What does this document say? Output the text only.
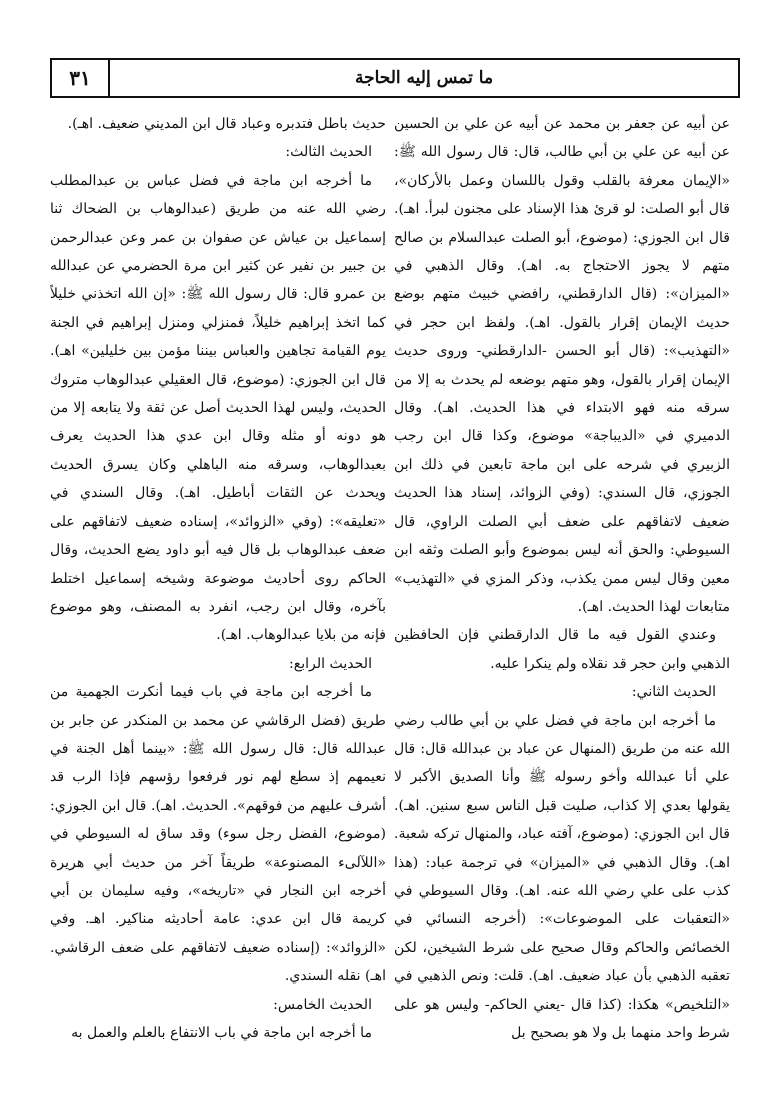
٣١	ما تمس إليه الحاجة

عن أبيه عن جعفر بن محمد عن أبيه عن علي بن الحسين عن أبيه عن علي بن أبي طالب، قال: قال رسول الله ﷺ: «الإيمان معرفة بالقلب وقول باللسان وعمل بالأركان»، قال أبو الصلت: لو قرئ هذا الإسناد على مجنون لبرأ. اهـ). قال ابن الجوزي: (موضوع، أبو الصلت عبدالسلام بن صالح متهم لا يجوز الاحتجاج به. اهـ). وقال الذهبي في «الميزان»: (قال الدارقطني، رافضي خبيث متهم بوضع حديث الإيمان إقرار بالقول. اهـ). ولفظ ابن حجر في «التهذيب»: (قال أبو الحسن -الدارقطني- وروى حديث الإيمان إقرار بالقول، وهو متهم بوضعه لم يحدث به إلا من سرقه منه فهو الابتداء في هذا الحديث. اهـ). وقال الدميري في «الديباجة» موضوع، وكذا قال ابن رجب الزبيري في شرحه على ابن ماجة تابعين في ذلك ابن الجوزي، قال السندي: (وفي الزوائد، إسناد هذا الحديث ضعيف لاتفاقهم على ضعف أبي الصلت الراوي، قال السيوطي: والحق أنه ليس بموضوع وأبو الصلت وثقه ابن معين وقال ليس ممن يكذب، وذكر المزي في «التهذيب» متابعات لهذا الحديث. اهـ).

وعندي القول فيه ما قال الدارقطني فإن الحافظين الذهبي وابن حجر قد نقلاه ولم ينكرا عليه.

الحديث الثاني:

ما أخرجه ابن ماجة في فضل علي بن أبي طالب رضي الله عنه من طريق (المنهال عن عباد بن عبدالله قال: قال علي أنا عبدالله وأخو رسوله ﷺ وأنا الصديق الأكبر لا يقولها بعدي إلا كذاب، صليت قبل الناس سبع سنين. اهـ). قال ابن الجوزي: (موضوع، آفته عباد، والمنهال تركه شعبة. اهـ). وقال الذهبي في «الميزان» في ترجمة عباد: (هذا كذب على علي رضي الله عنه. اهـ). وقال السيوطي في «التعقبات على الموضوعات»: (أخرجه النسائي في الخصائص والحاكم وقال صحيح على شرط الشيخين، لكن تعقبه الذهبي بأن عباد ضعيف. اهـ). قلت: ونص الذهبي في «التلخيص» هكذا: (كذا قال -يعني الحاكم- وليس هو على شرط واحد منهما بل ولا هو بصحيح بل

حديث باطل فتدبره وعباد قال ابن المديني ضعيف. اهـ).

الحديث الثالث:

ما أخرجه ابن ماجة في فضل عباس بن عبدالمطلب رضي الله عنه من طريق (عبدالوهاب بن الضحاك ثنا إسماعيل بن عياش عن صفوان بن عمر وعن عبدالرحمن بن جبير بن نفير عن كثير ابن مرة الحضرمي عن عبدالله بن عمرو قال: قال رسول الله ﷺ: «إن الله اتخذني خليلاً كما اتخذ إبراهيم خليلاً، فمنزلي ومنزل إبراهيم في الجنة يوم القيامة تجاهين والعباس بيننا مؤمن بين خليلين» اهـ). قال ابن الجوزي: (موضوع، قال العقيلي عبدالوهاب متروك الحديث، وليس لهذا الحديث أصل عن ثقة ولا يتابعه إلا من هو دونه أو مثله وقال ابن عدي هذا الحديث يعرف بعبدالوهاب، وسرقه منه الباهلي وكان يسرق الحديث ويحدث عن الثقات أباطيل. اهـ). وقال السندي في «تعليقه»: (وفي «الزوائد»، إسناده ضعيف لاتفاقهم على ضعف عبدالوهاب بل قال فيه أبو داود يضع الحديث، وقال الحاكم روى أحاديث موضوعة وشيخه إسماعيل اختلط بآخره، وقال ابن رجب، انفرد به المصنف، وهو موضوع فإنه من بلايا عبدالوهاب. اهـ).

الحديث الرابع:

ما أخرجه ابن ماجة في باب فيما أنكرت الجهمية من طريق (فضل الرقاشي عن محمد بن المنكدر عن جابر بن عبدالله قال: قال رسول الله ﷺ: «بينما أهل الجنة في نعيمهم إذ سطع لهم نور فرفعوا رؤسهم فإذا الرب قد أشرف عليهم من فوقهم». الحديث. اهـ). قال ابن الجوزي: (موضوع، الفضل رجل سوء) وقد ساق له السيوطي في «اللآلىء المصنوعة» طريقاً آخر من حديث أبي هريرة أخرجه ابن النجار في «تاريخه»، وفيه سليمان بن أبي كريمة قال ابن عدي: عامة أحاديثه مناكير. اهـ. وفي «الزوائد»: (إسناده ضعيف لاتفاقهم على ضعف الرقاشي. اهـ) نقله السندي.

الحديث الخامس:

ما أخرجه ابن ماجة في باب الانتفاع بالعلم والعمل به
